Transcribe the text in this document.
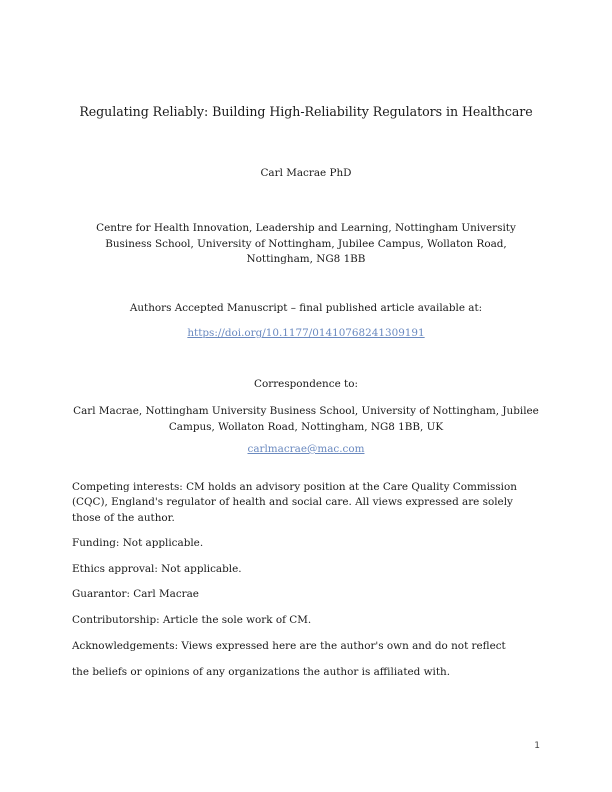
Regulating Reliably: Building High-Reliability Regulators in Healthcare
Carl Macrae PhD
Centre for Health Innovation, Leadership and Learning, Nottingham University Business School, University of Nottingham, Jubilee Campus, Wollaton Road, Nottingham, NG8 1BB
Authors Accepted Manuscript – final published article available at:
https://doi.org/10.1177/01410768241309191
Correspondence to:
Carl Macrae, Nottingham University Business School, University of Nottingham, Jubilee Campus, Wollaton Road, Nottingham, NG8 1BB, UK
carlmacrae@mac.com
Competing interests: CM holds an advisory position at the Care Quality Commission (CQC), England's regulator of health and social care. All views expressed are solely those of the author.
Funding: Not applicable.
Ethics approval: Not applicable.
Guarantor: Carl Macrae
Contributorship: Article the sole work of CM.
Acknowledgements: Views expressed here are the author's own and do not reflect
the beliefs or opinions of any organizations the author is affiliated with.
1
